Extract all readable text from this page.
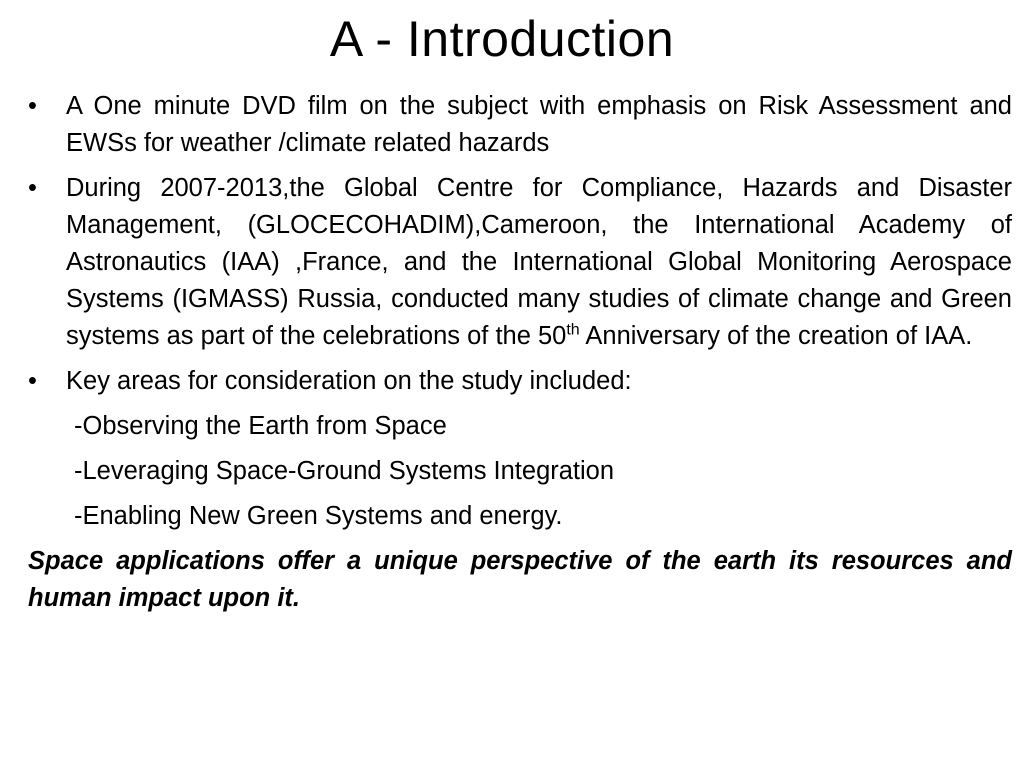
A - Introduction
• A One minute DVD film on the subject with emphasis on Risk Assessment and EWSs for weather /climate related hazards
• During 2007-2013,the Global Centre for Compliance, Hazards and Disaster Management, (GLOCECOHADIM),Cameroon, the International Academy of Astronautics (IAA) ,France, and the International Global Monitoring Aerospace Systems (IGMASS) Russia, conducted many studies of climate change and Green systems as part of the celebrations of the 50th Anniversary of the creation of IAA.
• Key areas for consideration on the study included:
-Observing the Earth from Space
-Leveraging Space-Ground Systems Integration
-Enabling New Green Systems and energy.
Space applications offer a unique perspective of the earth its resources and human impact upon it.
